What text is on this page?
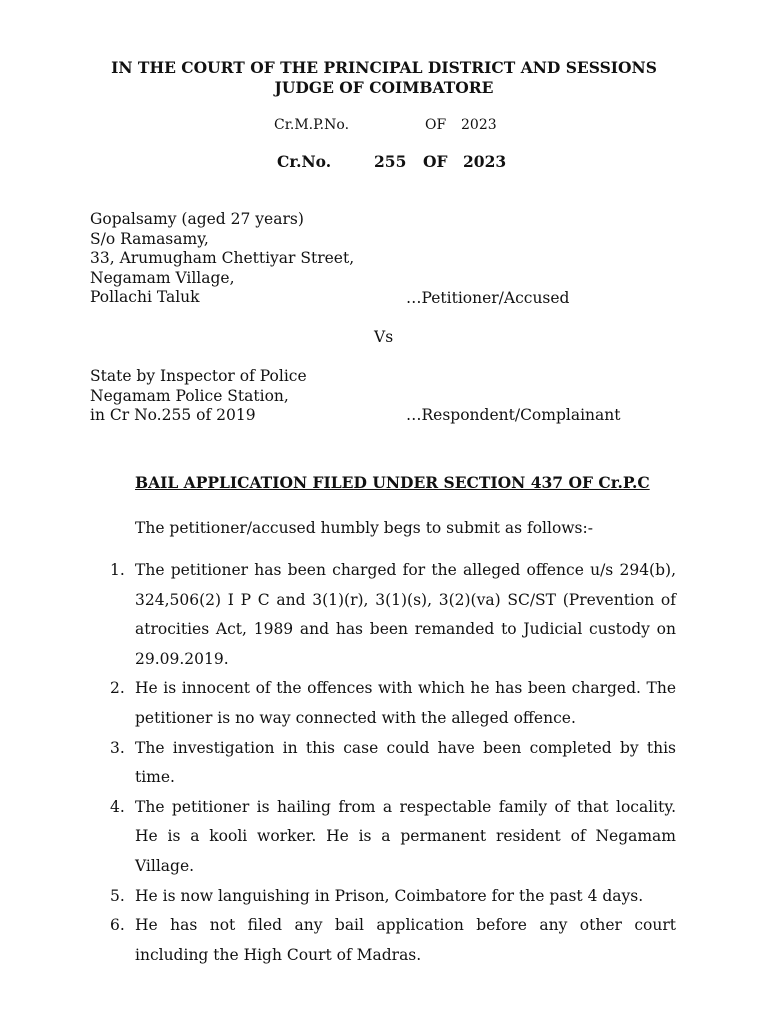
IN THE COURT OF THE PRINCIPAL DISTRICT AND SESSIONS
JUDGE OF COIMBATORE
Cr.M.P.No.	OF 2023
Cr.No.	255 OF 2023
Gopalsamy (aged 27 years)
S/o Ramasamy,
33, Arumugham Chettiyar Street,
Negamam Village,
Pollachi Taluk	…Petitioner/Accused
Vs
State by Inspector of Police
Negamam Police Station,
in Cr No.255 of 2019	…Respondent/Complainant
BAIL APPLICATION FILED UNDER SECTION 437 OF Cr.P.C
The petitioner/accused humbly begs to submit as follows:-
1. The petitioner has been charged for the alleged offence u/s 294(b), 324,506(2) I P C and 3(1)(r), 3(1)(s), 3(2)(va) SC/ST (Prevention of atrocities Act, 1989 and has been remanded to Judicial custody on 29.09.2019.
2. He is innocent of the offences with which he has been charged. The petitioner is no way connected with the alleged offence.
3. The investigation in this case could have been completed by this time.
4. The petitioner is hailing from a respectable family of that locality. He is a kooli worker. He is a permanent resident of Negamam Village.
5. He is now languishing in Prison, Coimbatore for the past 4 days.
6. He has not filed any bail application before any other court including the High Court of Madras.
